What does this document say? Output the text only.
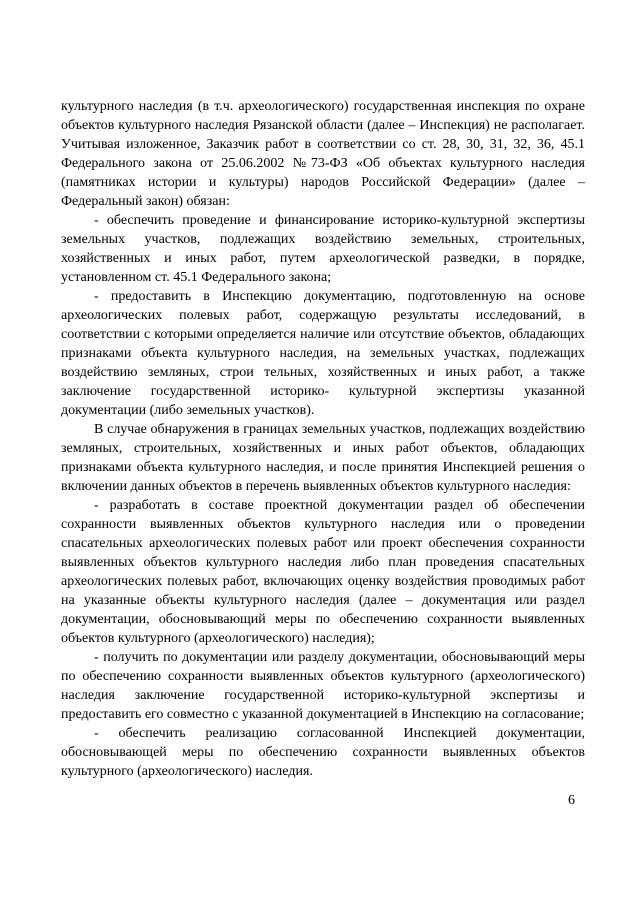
культурного наследия (в т.ч. археологического) государственная инспекция по охране объектов культурного наследия Рязанской области (далее – Инспекция) не располагает. Учитывая изложенное, Заказчик работ в соответствии со ст. 28, 30, 31, 32, 36, 45.1 Федерального закона от 25.06.2002 №73-ФЗ «Об объектах культурного наследия (памятниках истории и культуры) народов Российской Федерации» (далее – Федеральный закон) обязан:

- обеспечить проведение и финансирование историко-культурной экспертизы земельных участков, подлежащих воздействию земельных, строительных, хозяйственных и иных работ, путем археологической разведки, в порядке, установленном ст. 45.1 Федерального закона;

- предоставить в Инспекцию документацию, подготовленную на основе археологических полевых работ, содержащую результаты исследований, в соответствии с которыми определяется наличие или отсутствие объектов, обладающих признаками объекта культурного наследия, на земельных участках, подлежащих воздействию земляных, строи тельных, хозяйственных и иных работ, а также заключение государственной историко- культурной экспертизы указанной документации (либо земельных участков).

В случае обнаружения в границах земельных участков, подлежащих воздействию земляных, строительных, хозяйственных и иных работ объектов, обладающих признаками объекта культурного наследия, и после принятия Инспекцией решения о включении данных объектов в перечень выявленных объектов культурного наследия:

- разработать в составе проектной документации раздел об обеспечении сохранности выявленных объектов культурного наследия или о проведении спасательных археологических полевых работ или проект обеспечения сохранности выявленных объектов культурного наследия либо план проведения спасательных археологических полевых работ, включающих оценку воздействия проводимых работ на указанные объекты культурного наследия (далее – документация или раздел документации, обосновывающий меры по обеспечению сохранности выявленных объектов культурного (археологического) наследия);

- получить по документации или разделу документации, обосновывающий меры по обеспечению сохранности выявленных объектов культурного (археологического) наследия заключение государственной историко-культурной экспертизы и предоставить его совместно с указанной документацией в Инспекцию на согласование;

- обеспечить реализацию согласованной Инспекцией документации, обосновывающей меры по обеспечению сохранности выявленных объектов культурного (археологического) наследия.

6
